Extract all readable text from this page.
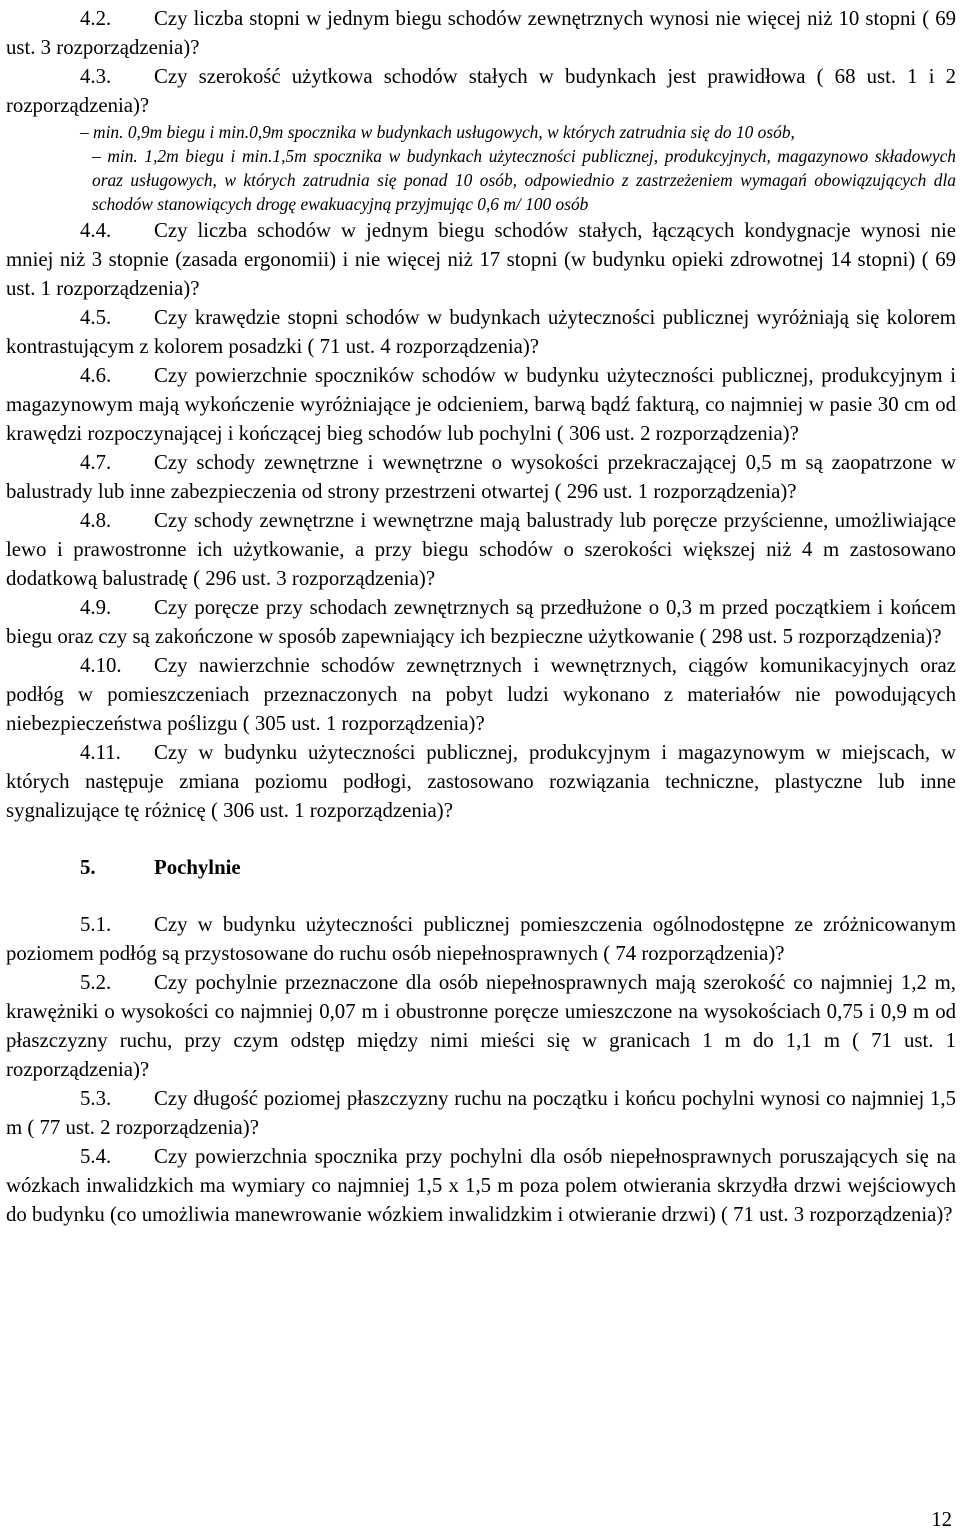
4.2. Czy liczba stopni w jednym biegu schodów zewnętrznych wynosi nie więcej niż 10 stopni ( 69 ust. 3 rozporządzenia)?

4.3. Czy szerokość użytkowa schodów stałych w budynkach jest prawidłowa ( 68 ust. 1 i 2 rozporządzenia)?

– min. 0,9m biegu i min.0,9m spocznika w budynkach usługowych, w których zatrudnia się do 10 osób,

– min. 1,2m biegu i min.1,5m spocznika w budynkach użyteczności publicznej, produkcyjnych, magazynowo składowych oraz usługowych, w których zatrudnia się ponad 10 osób, odpowiednio z zastrzeżeniem wymagań obowiązujących dla schodów stanowiących drogę ewakuacyjną przyjmując 0,6 m/ 100 osób

4.4. Czy liczba schodów w jednym biegu schodów stałych, łączących kondygnacje wynosi nie mniej niż 3 stopnie (zasada ergonomii) i nie więcej niż 17 stopni (w budynku opieki zdrowotnej 14 stopni) ( 69 ust. 1 rozporządzenia)?

4.5. Czy krawędzie stopni schodów w budynkach użyteczności publicznej wyróżniają się kolorem kontrastującym z kolorem posadzki ( 71 ust. 4 rozporządzenia)?

4.6. Czy powierzchnie spoczników schodów w budynku użyteczności publicznej, produkcyjnym i magazynowym mają wykończenie wyróżniające je odcieniem, barwą bądź fakturą, co najmniej w pasie 30 cm od krawędzi rozpoczynającej i kończącej bieg schodów lub pochylni ( 306 ust. 2 rozporządzenia)?

4.7. Czy schody zewnętrzne i wewnętrzne o wysokości przekraczającej 0,5 m są zaopatrzone w balustrady lub inne zabezpieczenia od strony przestrzeni otwartej ( 296 ust. 1 rozporządzenia)?

4.8. Czy schody zewnętrzne i wewnętrzne mają balustrady lub poręcze przyścienne, umożliwiające lewo i prawostronne ich użytkowanie, a przy biegu schodów o szerokości większej niż 4 m zastosowano dodatkową balustradę ( 296 ust. 3 rozporządzenia)?

4.9. Czy poręcze przy schodach zewnętrznych są przedłużone o 0,3 m przed początkiem i końcem biegu oraz czy są zakończone w sposób zapewniający ich bezpieczne użytkowanie ( 298 ust. 5 rozporządzenia)?

4.10. Czy nawierzchnie schodów zewnętrznych i wewnętrznych, ciągów komunikacyjnych oraz podłóg w pomieszczeniach przeznaczonych na pobyt ludzi wykonano z materiałów nie powodujących niebezpieczeństwa poślizgu ( 305 ust. 1 rozporządzenia)?

4.11. Czy w budynku użyteczności publicznej, produkcyjnym i magazynowym w miejscach, w których następuje zmiana poziomu podłogi, zastosowano rozwiązania techniczne, plastyczne lub inne sygnalizujące tę różnicę ( 306 ust. 1 rozporządzenia)?

5.	Pochylnie

5.1. Czy w budynku użyteczności publicznej pomieszczenia ogólnodostępne ze zróżnicowanym poziomem podłóg są przystosowane do ruchu osób niepełnosprawnych ( 74 rozporządzenia)?

5.2. Czy pochylnie przeznaczone dla osób niepełnosprawnych mają szerokość co najmniej 1,2 m, krawężniki o wysokości co najmniej 0,07 m i obustronne poręcze umieszczone na wysokościach 0,75 i 0,9 m od płaszczyzny ruchu, przy czym odstęp między nimi mieści się w granicach 1 m do 1,1 m ( 71 ust. 1 rozporządzenia)?

5.3. Czy długość poziomej płaszczyzny ruchu na początku i końcu pochylni wynosi co najmniej 1,5 m ( 77 ust. 2 rozporządzenia)?

5.4. Czy powierzchnia spocznika przy pochylni dla osób niepełnosprawnych poruszających się na wózkach inwalidzkich ma wymiary co najmniej 1,5 x 1,5 m poza polem otwierania skrzydła drzwi wejściowych do budynku (co umożliwia manewrowanie wózkiem inwalidzkim i otwieranie drzwi) ( 71 ust. 3 rozporządzenia)?

12
